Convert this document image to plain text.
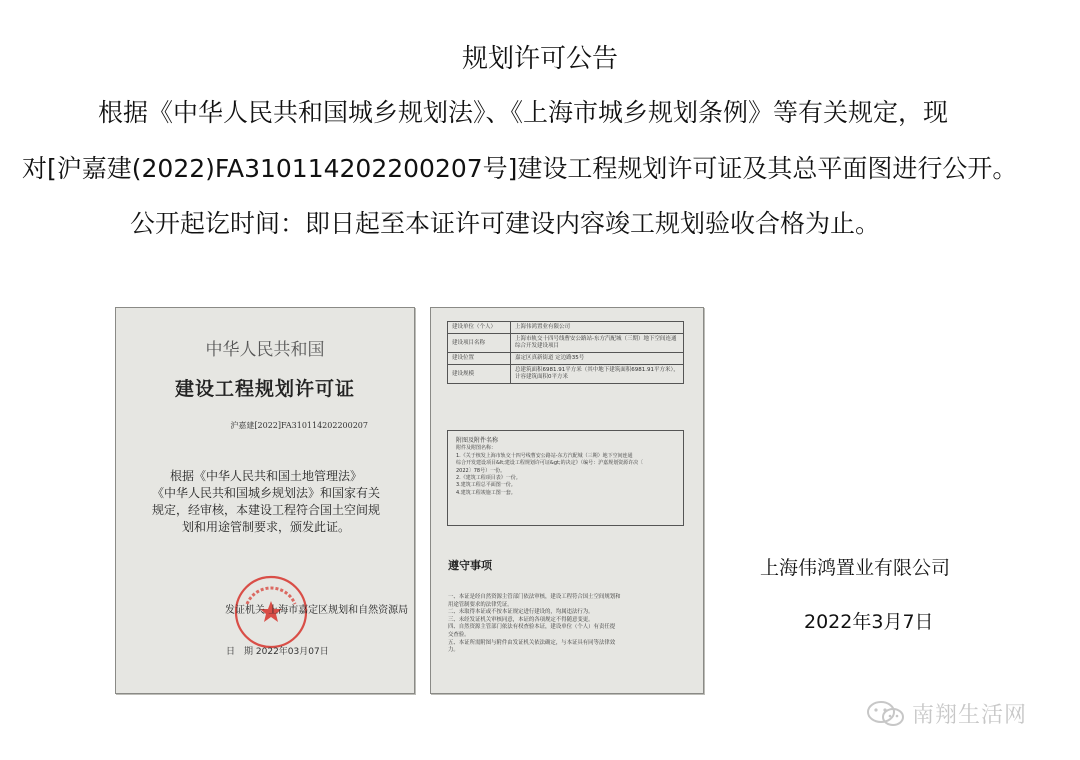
规划许可公告
根据《中华人民共和国城乡规划法》、《上海市城乡规划条例》等有关规定，现
对[沪嘉建(2022)FA310114202200207号]建设工程规划许可证及其总平面图进行公开。
公开起讫时间：即日起至本证许可建设内容竣工规划验收合格为止。
中华人民共和国
建设工程规划许可证
沪嘉建[2022]FA310114202200207
根据《中华人民共和国土地管理法》
《中华人民共和国城乡规划法》和国家有关
规定，经审核，本建设工程符合国土空间规
划和用途管制要求，颁发此证。
发证机关 上海市嘉定区规划和自然资源局
日　期 2022年03月07日
建设单位（个人）	上海伟鸿置业有限公司
建设项目名称	上海市轨交十四号线曹安公路站-东方汽配城（三期）地下空间连通综合开发建设项目
建设位置	嘉定区真新街道 定边路35号
建设规模	总建筑面积6981.91平方米（其中地下建筑面积6981.91平方米），计容建筑面积0平方米
附图及附件名称
附件及附图名称：
1.《关于核发上海市轨交十四号线曹安公路站-东方汽配城（三期）地下空间连通
综合开发建设项目&lt;建设工程规划许可证&gt;的决定》（编号：沪嘉规划资源许决〔
2022〕78号）一份。
2.《建筑工程项目表》一份。
3.建筑工程总平面图一份。
4.建筑工程竣施工图一套。
遵守事项
一、本证是经自然资源主管部门依法审核，建设工程符合国土空间规划和
用途管制要求的法律凭证。
二、未取得本证或不按本证规定进行建设的，均属违法行为。
三、未经发证机关审核同意，本证的各项规定不得随意变更。
四、自然资源主管部门依法有权查验本证，建设单位（个人）有责任提
交查验。
五、本证所需附图与附件由发证机关依法确定，与本证具有同等法律效
力。
上海伟鸿置业有限公司
2022年3月7日
南翔生活网
